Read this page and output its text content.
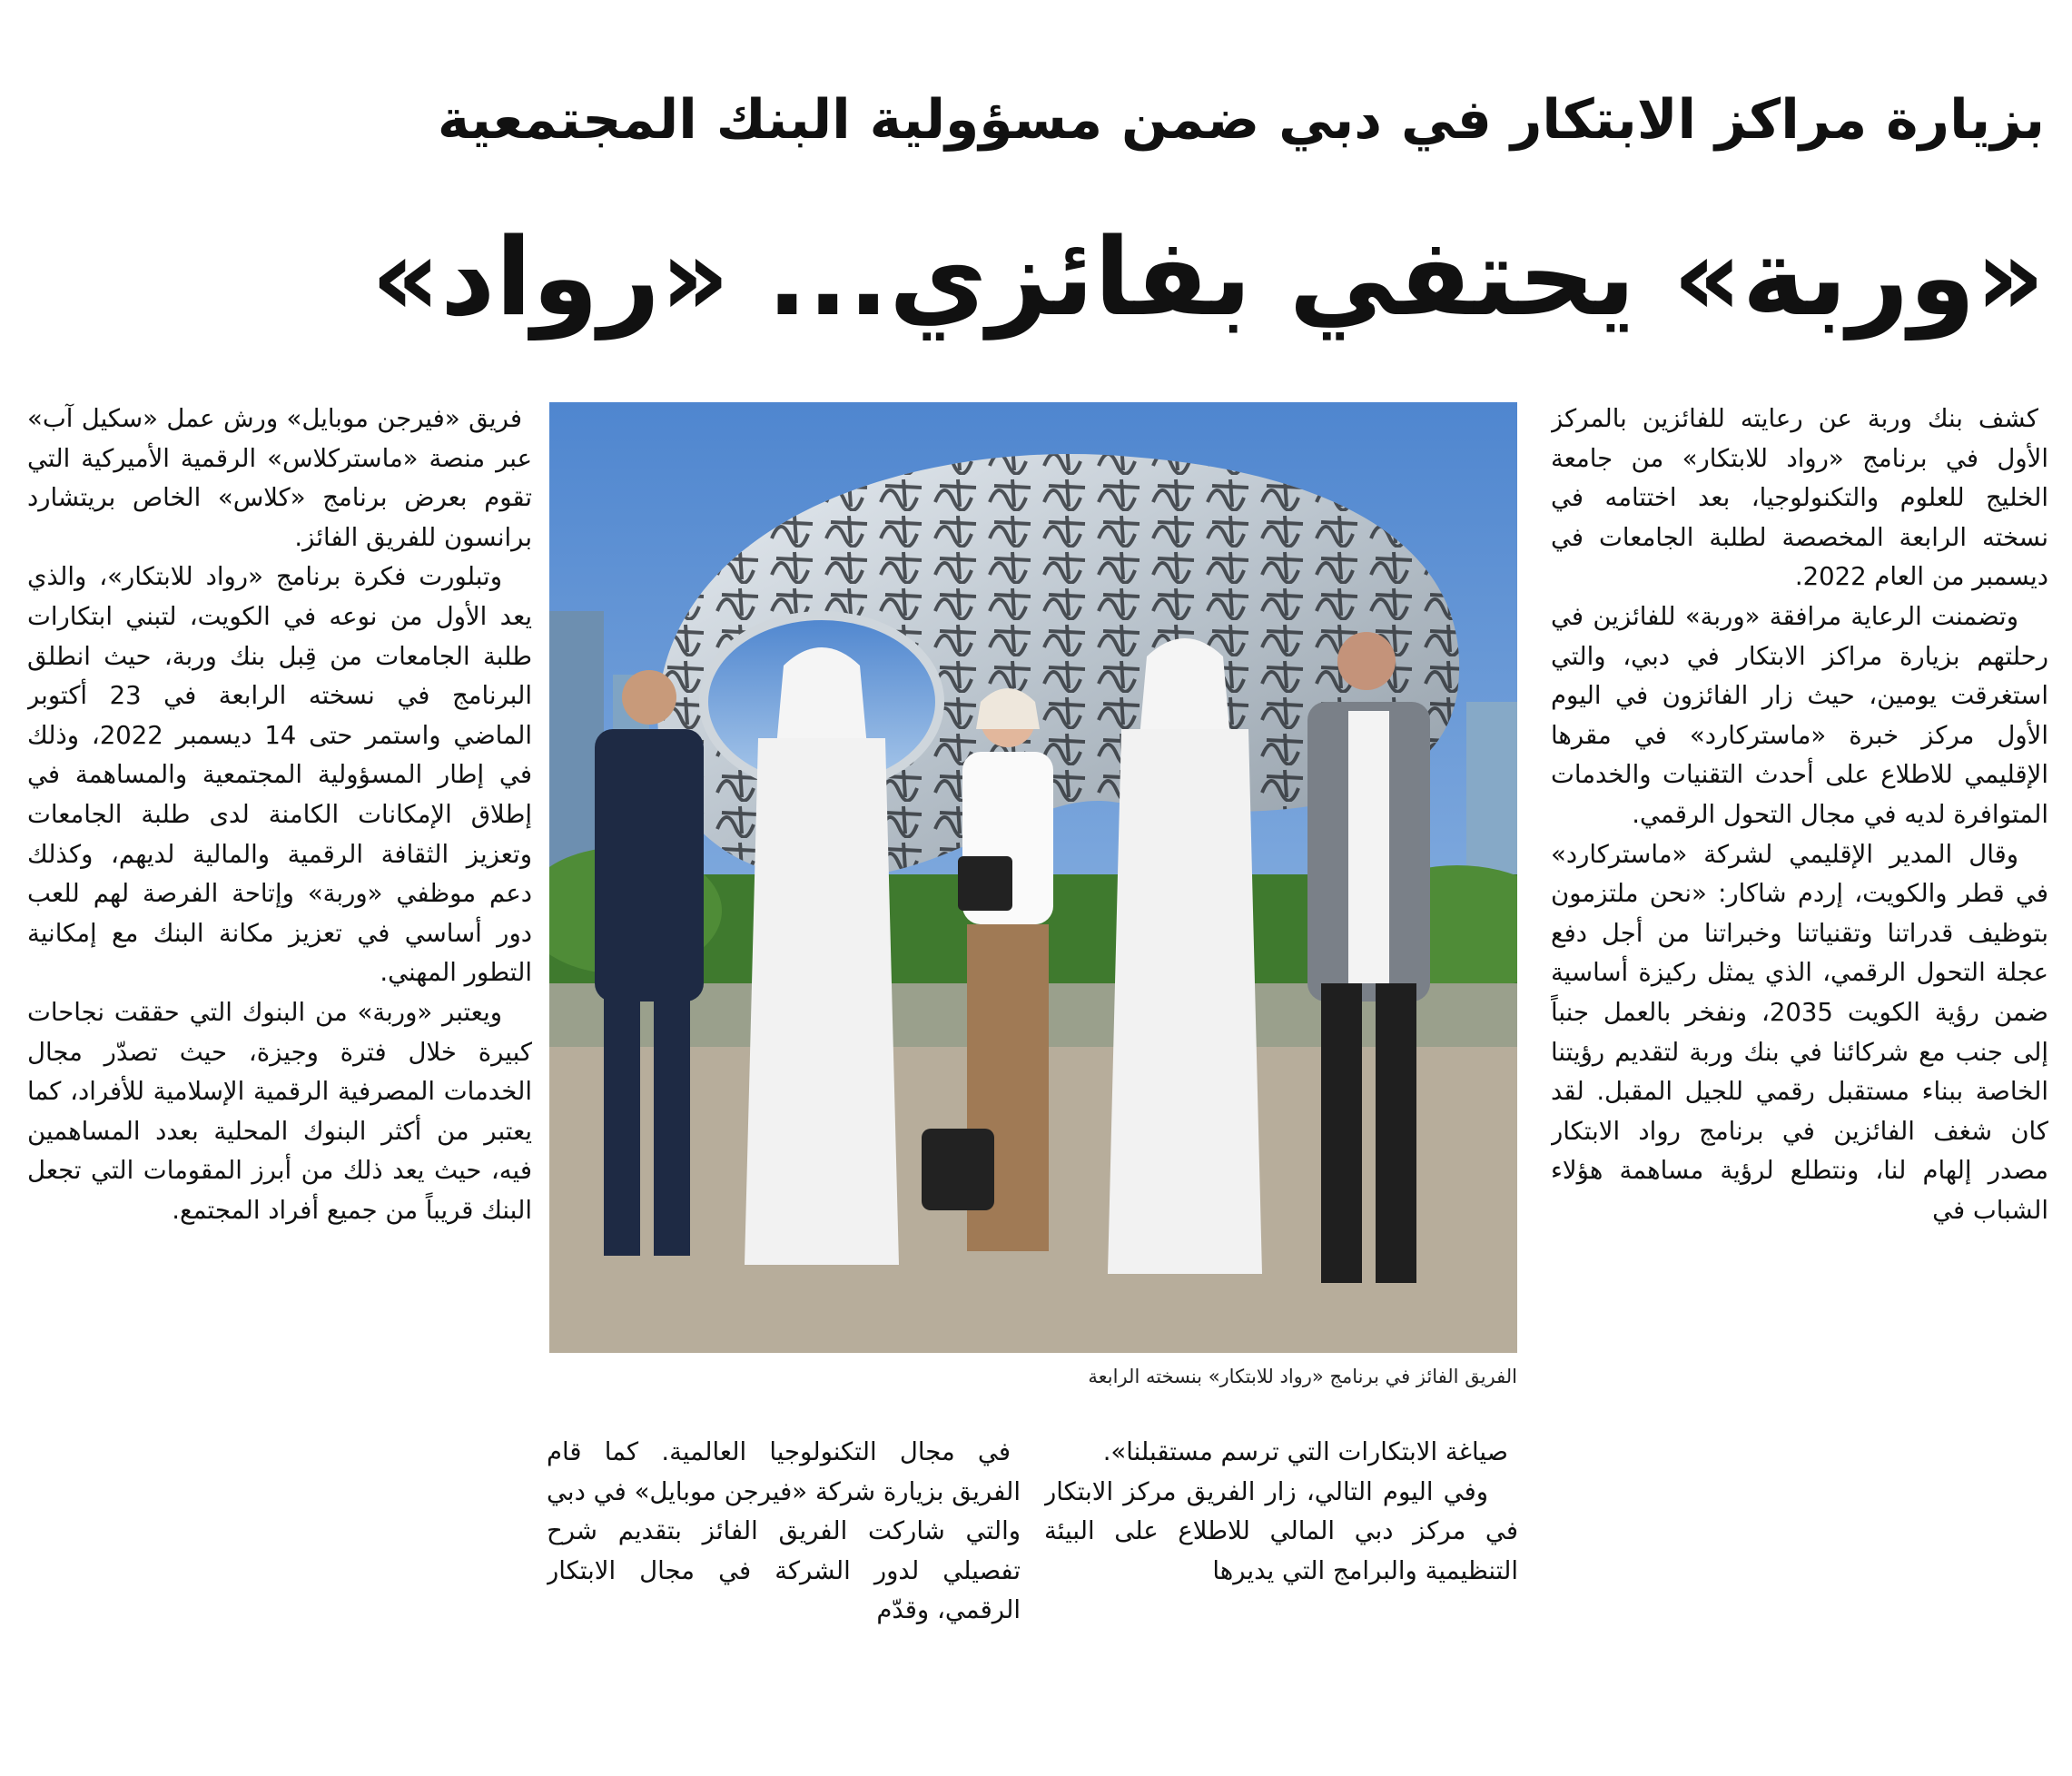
بزيارة مراكز الابتكار في دبي ضمن مسؤولية البنك المجتمعية
«وربة» يحتفي بفائزي... «رواد»

كشف بنك وربة عن رعايته للفائزين بالمركز الأول في برنامج «رواد للابتكار» من جامعة الخليج للعلوم والتكنولوجيا، بعد اختتامه في نسخته الرابعة المخصصة لطلبة الجامعات في ديسمبر من العام 2022.

وتضمنت الرعاية مرافقة «وربة» للفائزين في رحلتهم بزيارة مراكز الابتكار في دبي، والتي استغرقت يومين، حيث زار الفائزون في اليوم الأول مركز خبرة «ماستركارد» في مقرها الإقليمي للاطلاع على أحدث التقنيات والخدمات المتوافرة لديه في مجال التحول الرقمي.

وقال المدير الإقليمي لشركة «ماستركارد» في قطر والكويت، إردم شاكار: «نحن ملتزمون بتوظيف قدراتنا وتقنياتنا وخبراتنا من أجل دفع عجلة التحول الرقمي، الذي يمثل ركيزة أساسية ضمن رؤية الكويت 2035، ونفخر بالعمل جنباً إلى جنب مع شركائنا في بنك وربة لتقديم رؤيتنا الخاصة ببناء مستقبل رقمي للجيل المقبل. لقد كان شغف الفائزين في برنامج رواد الابتكار مصدر إلهام لنا، ونتطلع لرؤية مساهمة هؤلاء الشباب في

الفريق الفائز في برنامج «رواد للابتكار» بنسخته الرابعة

صياغة الابتكارات التي ترسم مستقبلنا».

وفي اليوم التالي، زار الفريق مركز الابتكار في مركز دبي المالي للاطلاع على البيئة التنظيمية والبرامج التي يديرها

في مجال التكنولوجيا العالمية. كما قام الفريق بزيارة شركة «فيرجن موبايل» في دبي والتي شاركت الفريق الفائز بتقديم شرح تفصيلي لدور الشركة في مجال الابتكار الرقمي، وقدّم

فريق «فيرجن موبايل» ورش عمل «سكيل آب» عبر منصة «ماستركلاس» الرقمية الأميركية التي تقوم بعرض برنامج «كلاس» الخاص بريتشارد برانسون للفريق الفائز.

وتبلورت فكرة برنامج «رواد للابتكار»، والذي يعد الأول من نوعه في الكويت، لتبني ابتكارات طلبة الجامعات من قِبل بنك وربة، حيث انطلق البرنامج في نسخته الرابعة في 23 أكتوبر الماضي واستمر حتى 14 ديسمبر 2022، وذلك في إطار المسؤولية المجتمعية والمساهمة في إطلاق الإمكانات الكامنة لدى طلبة الجامعات وتعزيز الثقافة الرقمية والمالية لديهم، وكذلك دعم موظفي «وربة» وإتاحة الفرصة لهم للعب دور أساسي في تعزيز مكانة البنك مع إمكانية التطور المهني.

ويعتبر «وربة» من البنوك التي حققت نجاحات كبيرة خلال فترة وجيزة، حيث تصدّر مجال الخدمات المصرفية الرقمية الإسلامية للأفراد، كما يعتبر من أكثر البنوك المحلية بعدد المساهمين فيه، حيث يعد ذلك من أبرز المقومات التي تجعل البنك قريباً من جميع أفراد المجتمع.
